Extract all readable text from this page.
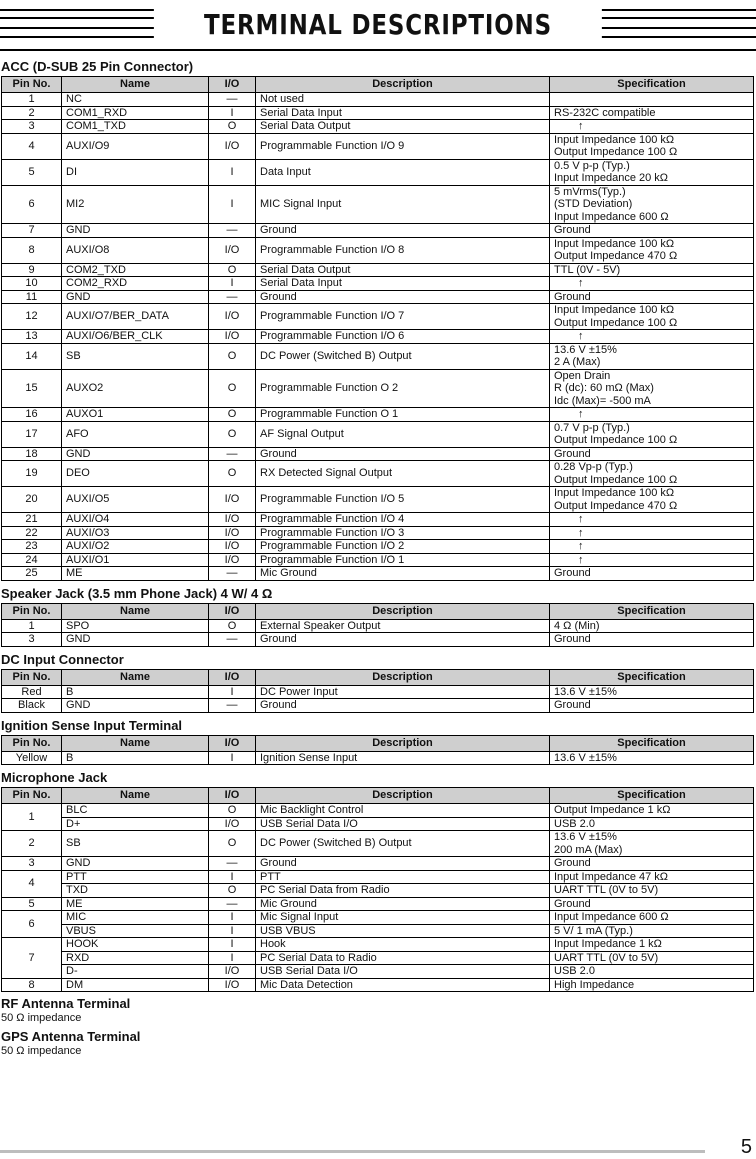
TERMINAL DESCRIPTIONS
ACC (D-SUB 25 Pin Connector)
Pin No.	Name	I/O	Description	Specification
1	NC	—	Not used	
2	COM1_RXD	I	Serial Data Input	RS-232C compatible

3	COM1_TXD	O	Serial Data Output	↑

4	AUXI/O9	I/O	Programmable Function I/O 9	Input Impedance 100 kΩ
Output Impedance 100 Ω

5	DI	I	Data Input	0.5 V p-p (Typ.)
Input Impedance 20 kΩ

6	MI2	I	MIC Signal Input	5 mVrms(Typ.)
(STD Deviation)
Input Impedance 600 Ω

7	GND	—	Ground	Ground

8	AUXI/O8	I/O	Programmable Function I/O 8	Input Impedance 100 kΩ
Output Impedance 470 Ω

9	COM2_TXD	O	Serial Data Output	TTL (0V - 5V)

10	COM2_RXD	I	Serial Data Input	↑

11	GND	—	Ground	Ground

12	AUXI/O7/BER_DATA	I/O	Programmable Function I/O 7	Input Impedance 100 kΩ
Output Impedance 100 Ω

13	AUXI/O6/BER_CLK	I/O	Programmable Function I/O 6	↑

14	SB	O	DC Power (Switched B) Output	13.6 V ±15%
2 A (Max)

15	AUXO2	O	Programmable Function O 2	Open Drain
R (dc): 60 mΩ (Max)
Idc (Max)= -500 mA

16	AUXO1	O	Programmable Function O 1	↑

17	AFO	O	AF Signal Output	0.7 V p-p (Typ.)
Output Impedance 100 Ω

18	GND	—	Ground	Ground

19	DEO	O	RX Detected Signal Output	0.28 Vp-p (Typ.)
Output Impedance 100 Ω

20	AUXI/O5	I/O	Programmable Function I/O 5	Input Impedance 100 kΩ
Output Impedance 470 Ω

21	AUXI/O4	I/O	Programmable Function I/O 4	↑

22	AUXI/O3	I/O	Programmable Function I/O 3	↑

23	AUXI/O2	I/O	Programmable Function I/O 2	↑

24	AUXI/O1	I/O	Programmable Function I/O 1	↑

25	ME	—	Mic Ground	Ground
Speaker Jack (3.5 mm Phone Jack) 4 W/ 4 Ω
Pin No.	Name	I/O	Description	Specification
1	SPO	O	External Speaker Output	4 Ω (Min)

3	GND	—	Ground	Ground
DC Input Connector
Pin No.	Name	I/O	Description	Specification
Red	B	I	DC Power Input	13.6 V ±15%

Black	GND	—	Ground	Ground
Ignition Sense Input Terminal
Pin No.	Name	I/O	Description	Specification
Yellow	B	I	Ignition Sense Input	13.6 V ±15%
Microphone Jack
Pin No.	Name	I/O	Description	Specification
1	BLC	O	Mic Backlight Control	Output Impedance 1 kΩ

	D+	I/O	USB Serial Data I/O	USB 2.0

2	SB	O	DC Power (Switched B) Output	13.6 V ±15%
200 mA (Max)

3	GND	—	Ground	Ground

4	PTT	I	PTT	Input Impedance 47 kΩ

	TXD	O	PC Serial Data from Radio	UART TTL (0V to 5V)

5	ME	—	Mic Ground	Ground

6	MIC	I	Mic Signal Input	Input Impedance 600 Ω

	VBUS	I	USB VBUS	5 V/ 1 mA (Typ.)

7	HOOK	I	Hook	Input Impedance 1 kΩ

	RXD	I	PC Serial Data to Radio	UART TTL (0V to 5V)

	D-	I/O	USB Serial Data I/O	USB 2.0

8	DM	I/O	Mic Data Detection	High Impedance
RF Antenna Terminal
50 Ω impedance
GPS Antenna Terminal
50 Ω impedance
5
